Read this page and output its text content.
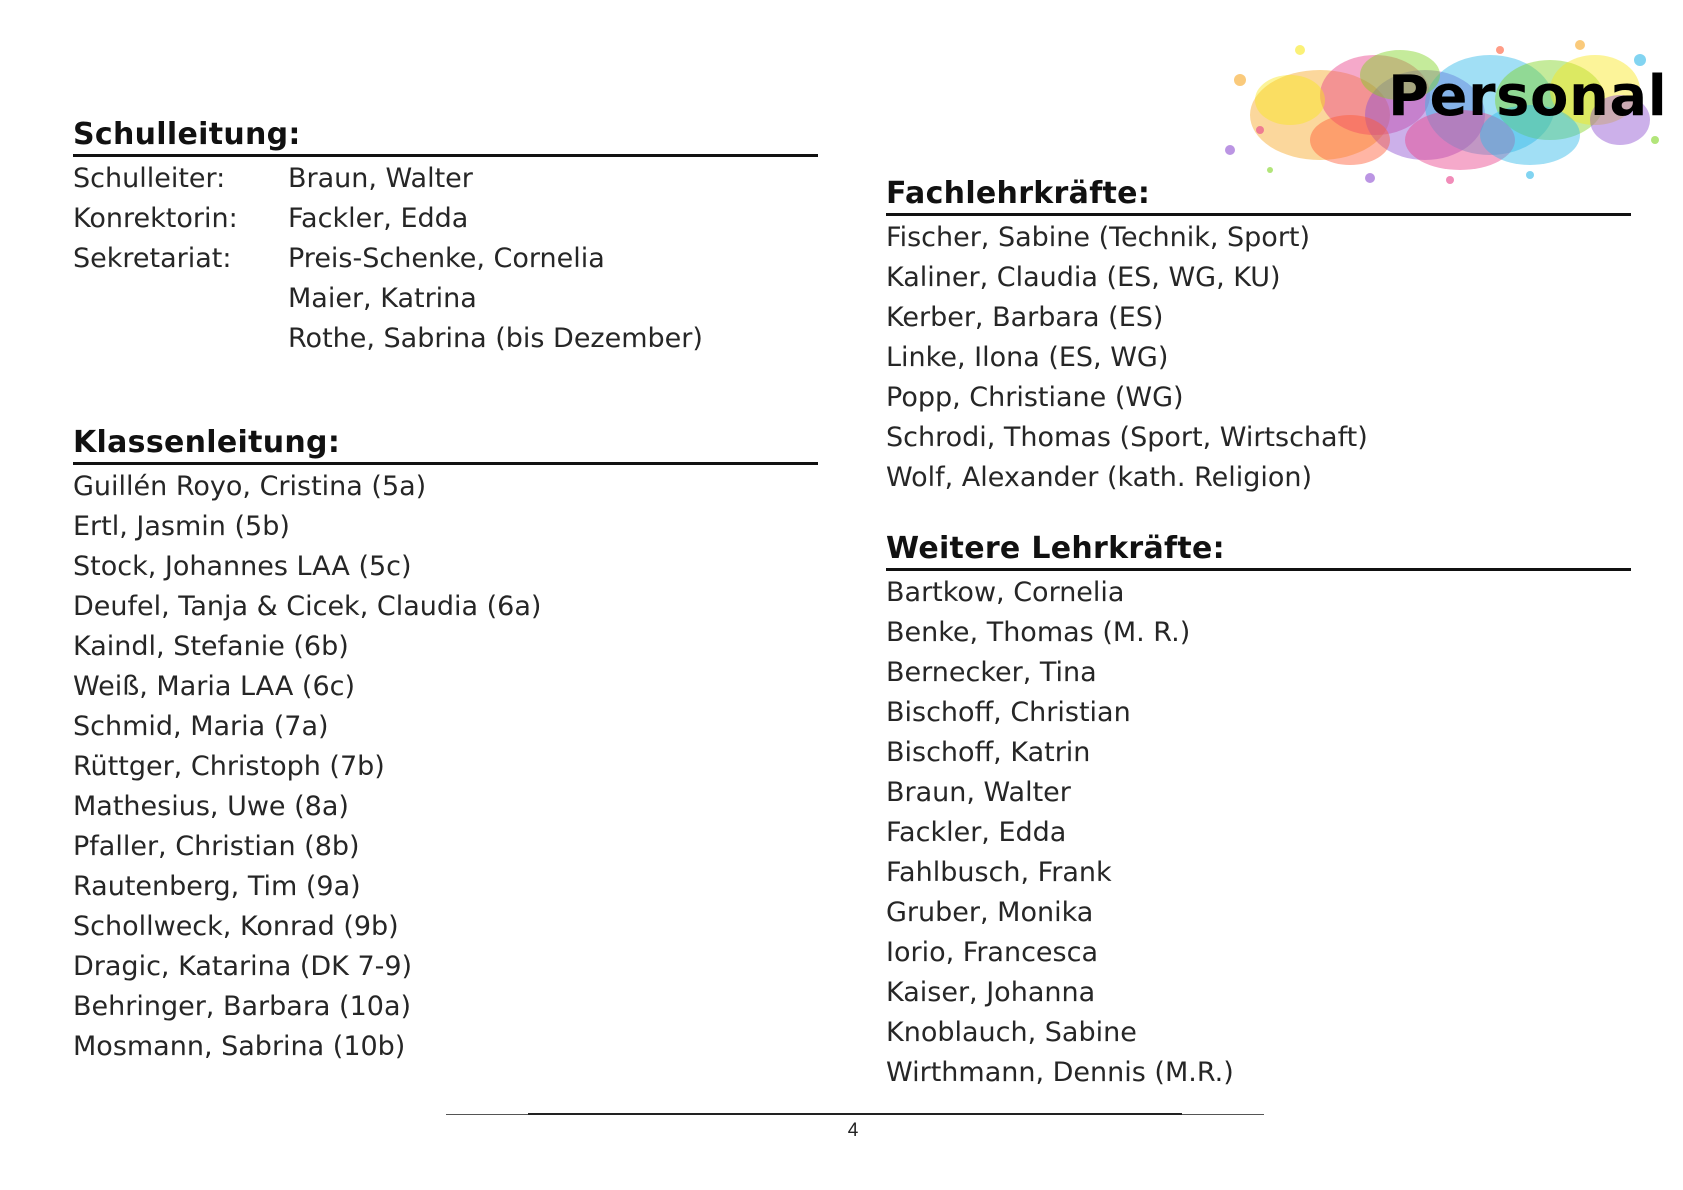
Personal
Schulleitung:
Schulleiter:	Braun, Walter
Konrektorin:	Fackler, Edda
Sekretariat:	Preis-Schenke, Cornelia
Maier, Katrina
Rothe, Sabrina (bis Dezember)
Klassenleitung:
Guillén Royo, Cristina (5a)
Ertl, Jasmin (5b)
Stock, Johannes LAA (5c)
Deufel, Tanja & Cicek, Claudia (6a)
Kaindl, Stefanie (6b)
Weiß, Maria LAA (6c)
Schmid, Maria (7a)
Rüttger, Christoph (7b)
Mathesius, Uwe (8a)
Pfaller, Christian (8b)
Rautenberg, Tim (9a)
Schollweck, Konrad (9b)
Dragic, Katarina (DK 7-9)
Behringer, Barbara (10a)
Mosmann, Sabrina (10b)
Fachlehrkräfte:
Fischer, Sabine (Technik, Sport)
Kaliner, Claudia (ES, WG, KU)
Kerber, Barbara (ES)
Linke, Ilona (ES, WG)
Popp, Christiane (WG)
Schrodi, Thomas (Sport, Wirtschaft)
Wolf, Alexander (kath. Religion)
Weitere Lehrkräfte:
Bartkow, Cornelia
Benke, Thomas (M. R.)
Bernecker, Tina
Bischoff, Christian
Bischoff, Katrin
Braun, Walter
Fackler, Edda
Fahlbusch, Frank
Gruber, Monika
Iorio, Francesca
Kaiser, Johanna
Knoblauch, Sabine
Wirthmann, Dennis (M.R.)
4
